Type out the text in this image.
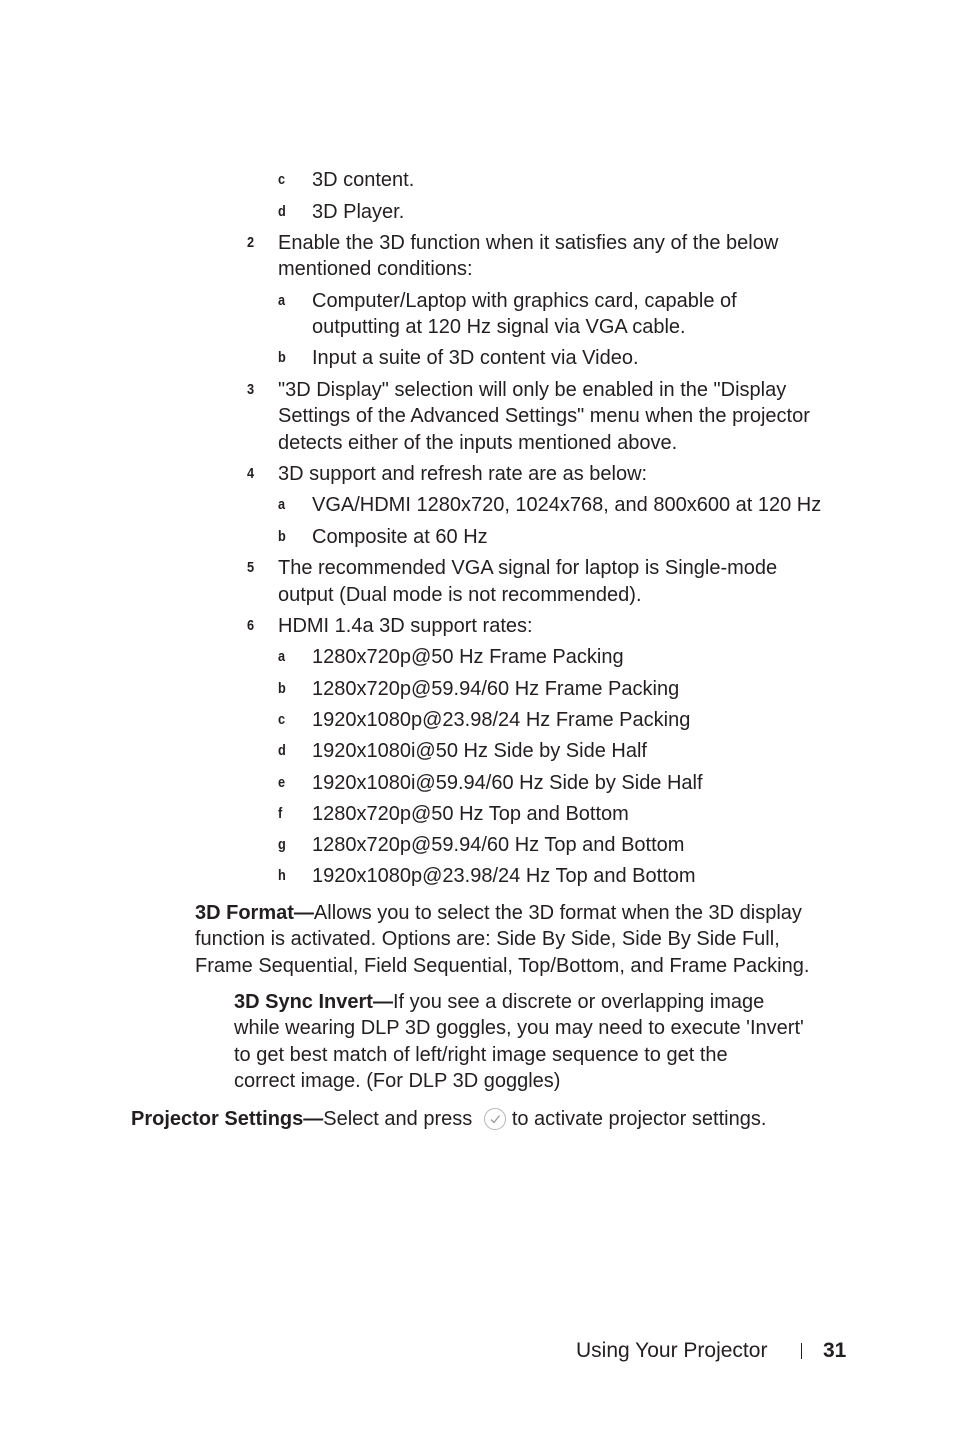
c 3D content.
d 3D Player.
2 Enable the 3D function when it satisfies any of the below
mentioned conditions:
a Computer/Laptop with graphics card, capable of
outputting at 120 Hz signal via VGA cable.
b Input a suite of 3D content via Video.
3 "3D Display" selection will only be enabled in the "Display
Settings of the Advanced Settings" menu when the projector
detects either of the inputs mentioned above.
4 3D support and refresh rate are as below:
a VGA/HDMI 1280x720, 1024x768, and 800x600 at 120 Hz
b Composite at 60 Hz
5 The recommended VGA signal for laptop is Single-mode
output (Dual mode is not recommended).
6 HDMI 1.4a 3D support rates:
a 1280x720p@50 Hz Frame Packing
b 1280x720p@59.94/60 Hz Frame Packing
c 1920x1080p@23.98/24 Hz Frame Packing
d 1920x1080i@50 Hz Side by Side Half
e 1920x1080i@59.94/60 Hz Side by Side Half
f 1280x720p@50 Hz Top and Bottom
g 1280x720p@59.94/60 Hz Top and Bottom
h 1920x1080p@23.98/24 Hz Top and Bottom
3D Format—Allows you to select the 3D format when the 3D display
function is activated. Options are: Side By Side, Side By Side Full,
Frame Sequential, Field Sequential, Top/Bottom, and Frame Packing.
3D Sync Invert—If you see a discrete or overlapping image
while wearing DLP 3D goggles, you may need to execute 'Invert'
to get best match of left/right image sequence to get the
correct image. (For DLP 3D goggles)
Projector Settings—Select and press to activate projector settings.
Using Your Projector	31
